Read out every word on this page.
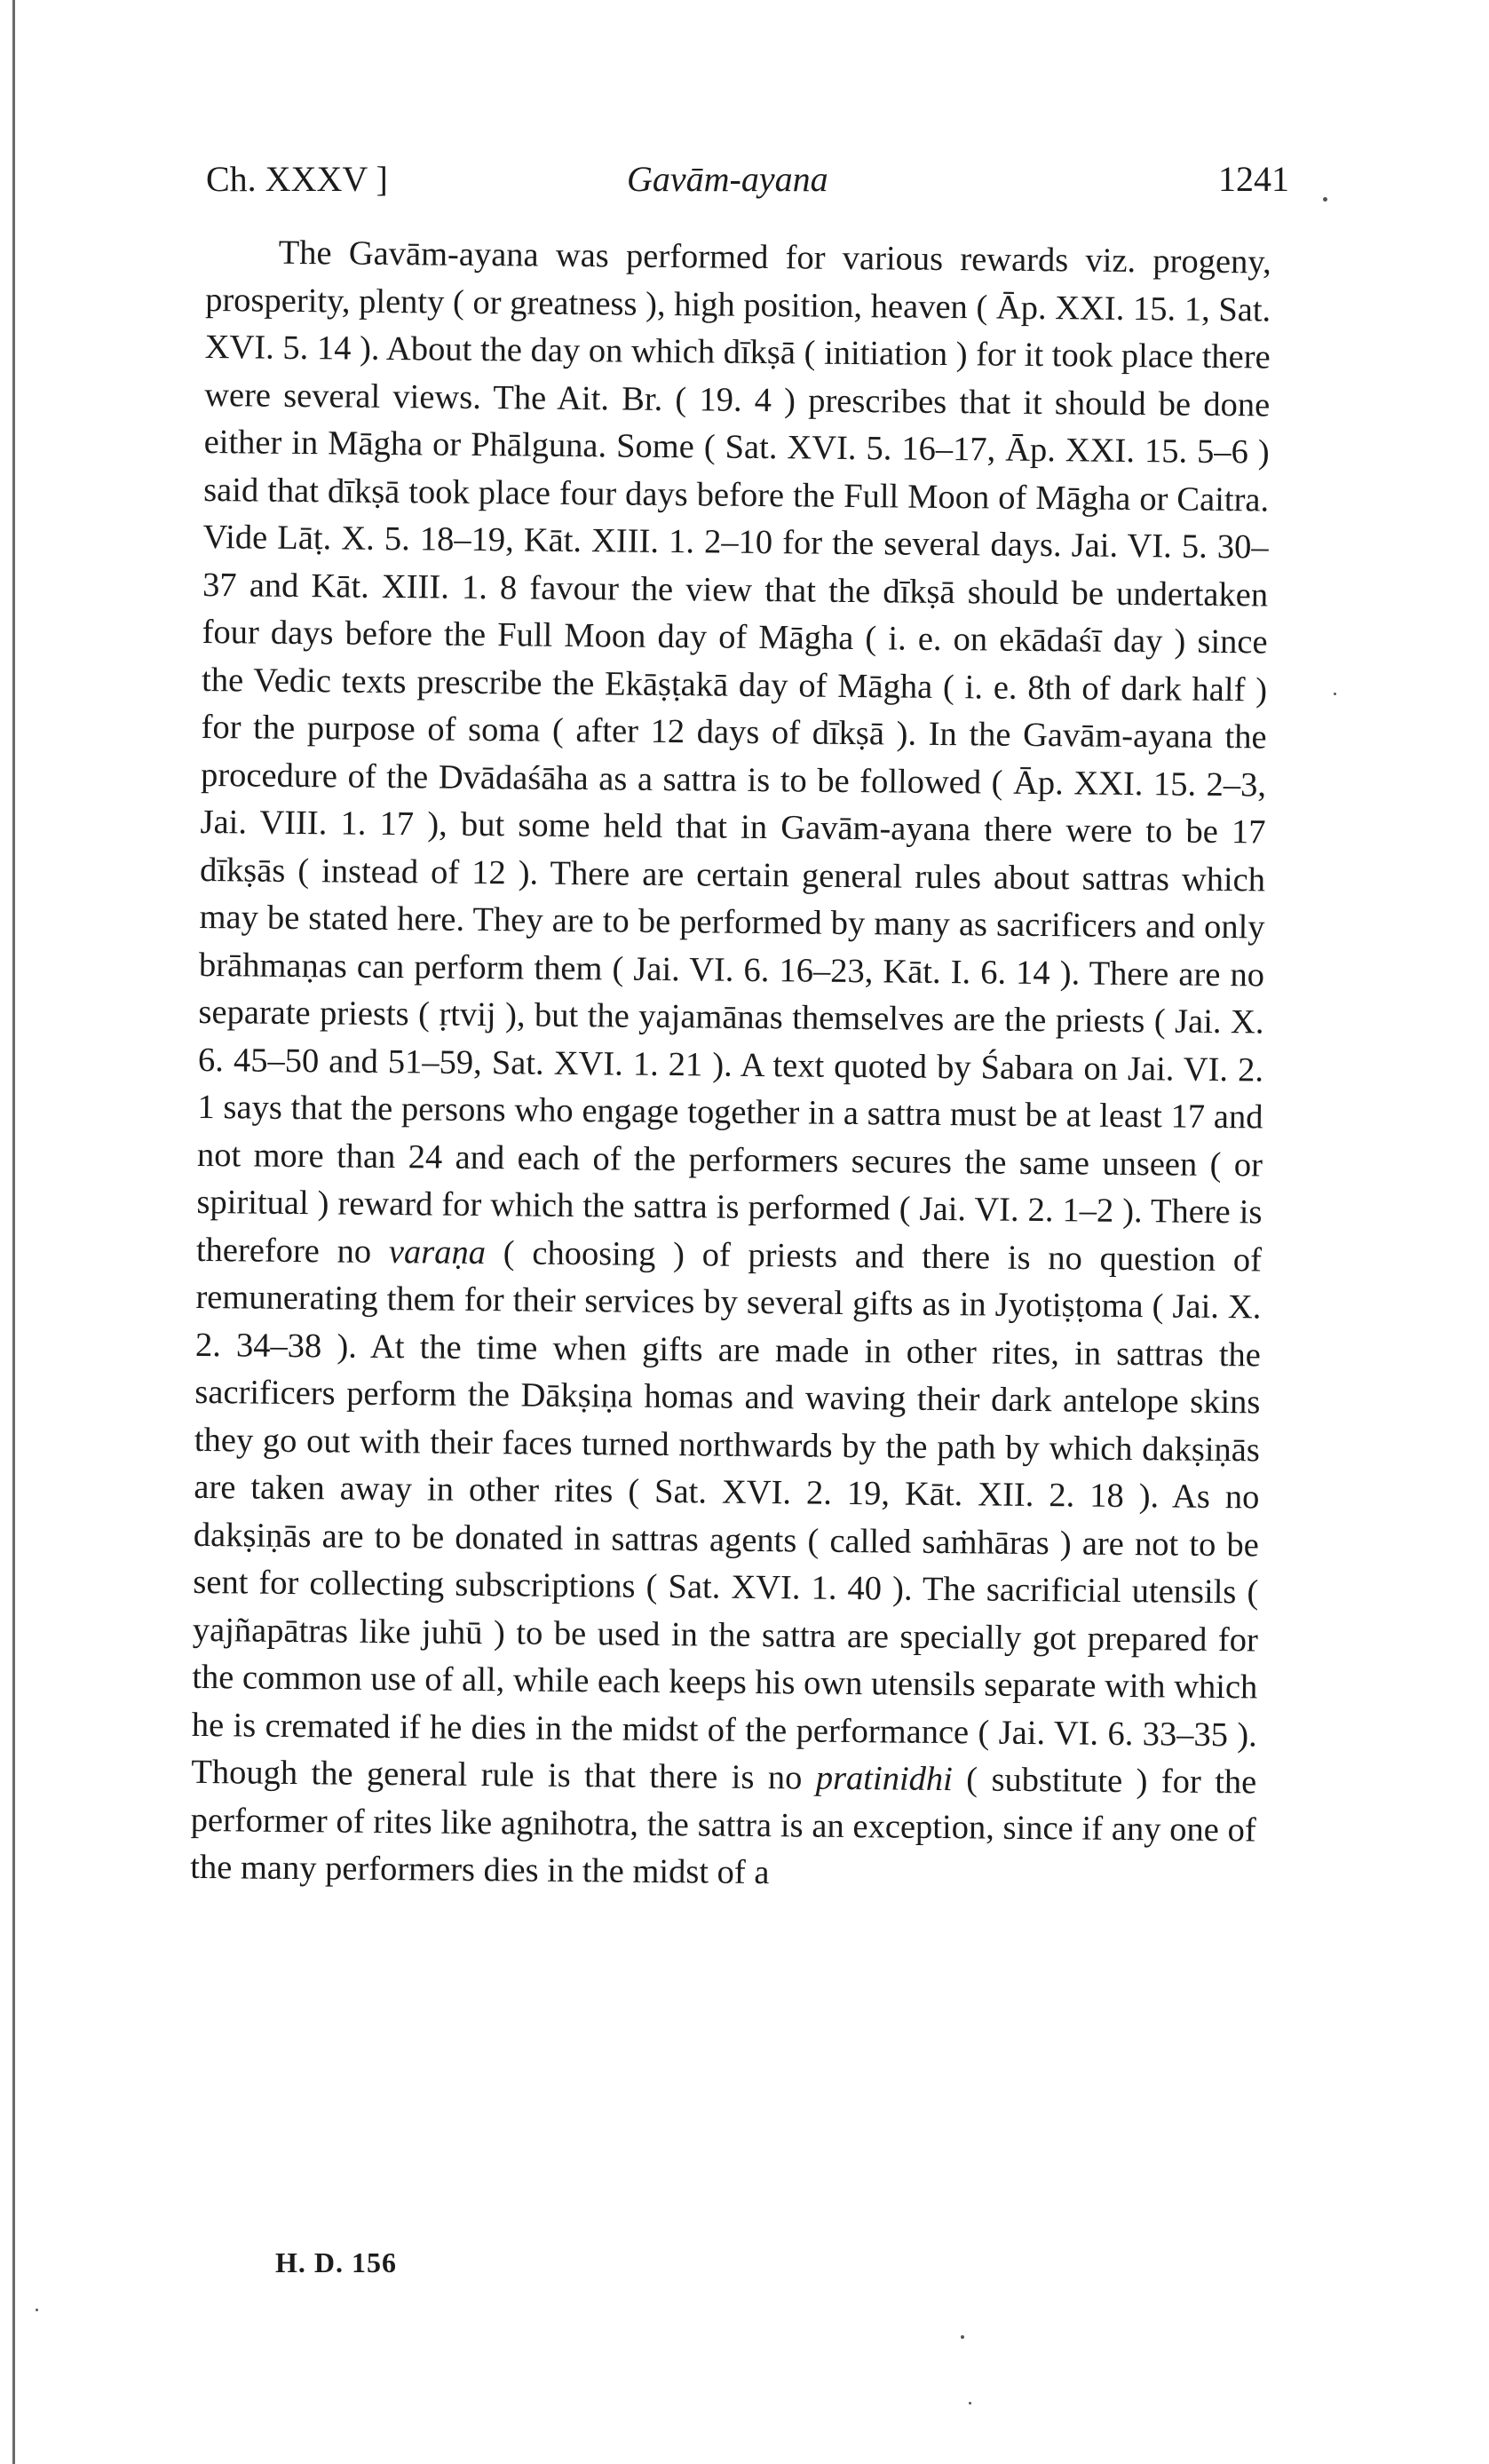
Ch. XXXV ]	Gavām-ayana	1241

The Gavām-ayana was performed for various rewards viz. progeny, prosperity, plenty ( or greatness ), high position, heaven ( Āp. XXI. 15. 1, Sat. XVI. 5. 14 ). About the day on which dīkṣā ( initiation ) for it took place there were several views. The Ait. Br. ( 19. 4 ) prescribes that it should be done either in Māgha or Phālguna. Some ( Sat. XVI. 5. 16–17, Āp. XXI. 15. 5–6 ) said that dīkṣā took place four days before the Full Moon of Māgha or Caitra. Vide Lāṭ. X. 5. 18–19, Kāt. XIII. 1. 2–10 for the several days. Jai. VI. 5. 30–37 and Kāt. XIII. 1. 8 favour the view that the dīkṣā should be undertaken four days before the Full Moon day of Māgha ( i. e. on ekādaśī day ) since the Vedic texts prescribe the Ekāṣṭakā day of Māgha ( i. e. 8th of dark half ) for the purpose of soma ( after 12 days of dīkṣā ). In the Gavām-ayana the procedure of the Dvādaśāha as a sattra is to be followed ( Āp. XXI. 15. 2–3, Jai. VIII. 1. 17 ), but some held that in Gavām-ayana there were to be 17 dīkṣās ( instead of 12 ). There are certain general rules about sattras which may be stated here. They are to be performed by many as sacrificers and only brāhmaṇas can perform them ( Jai. VI. 6. 16–23, Kāt. I. 6. 14 ). There are no separate priests ( ṛtvij ), but the yajamānas themselves are the priests ( Jai. X. 6. 45–50 and 51–59, Sat. XVI. 1. 21 ). A text quoted by Śabara on Jai. VI. 2. 1 says that the persons who engage together in a sattra must be at least 17 and not more than 24 and each of the performers secures the same unseen ( or spiritual ) reward for which the sattra is performed ( Jai. VI. 2. 1–2 ). There is therefore no varaṇa ( choosing ) of priests and there is no question of remunerating them for their services by several gifts as in Jyotiṣṭoma ( Jai. X. 2. 34–38 ). At the time when gifts are made in other rites, in sattras the sacrificers perform the Dākṣiṇa homas and waving their dark antelope skins they go out with their faces turned northwards by the path by which dakṣiṇās are taken away in other rites ( Sat. XVI. 2. 19, Kāt. XII. 2. 18 ). As no dakṣiṇās are to be donated in sattras agents ( called saṁhāras ) are not to be sent for collecting subscriptions ( Sat. XVI. 1. 40 ). The sacrificial utensils ( yajñapātras like juhū ) to be used in the sattra are specially got prepared for the common use of all, while each keeps his own utensils separate with which he is cremated if he dies in the midst of the performance ( Jai. VI. 6. 33–35 ). Though the general rule is that there is no pratinidhi ( substitute ) for the performer of rites like agnihotra, the sattra is an exception, since if any one of the many performers dies in the midst of a

H. D. 156
